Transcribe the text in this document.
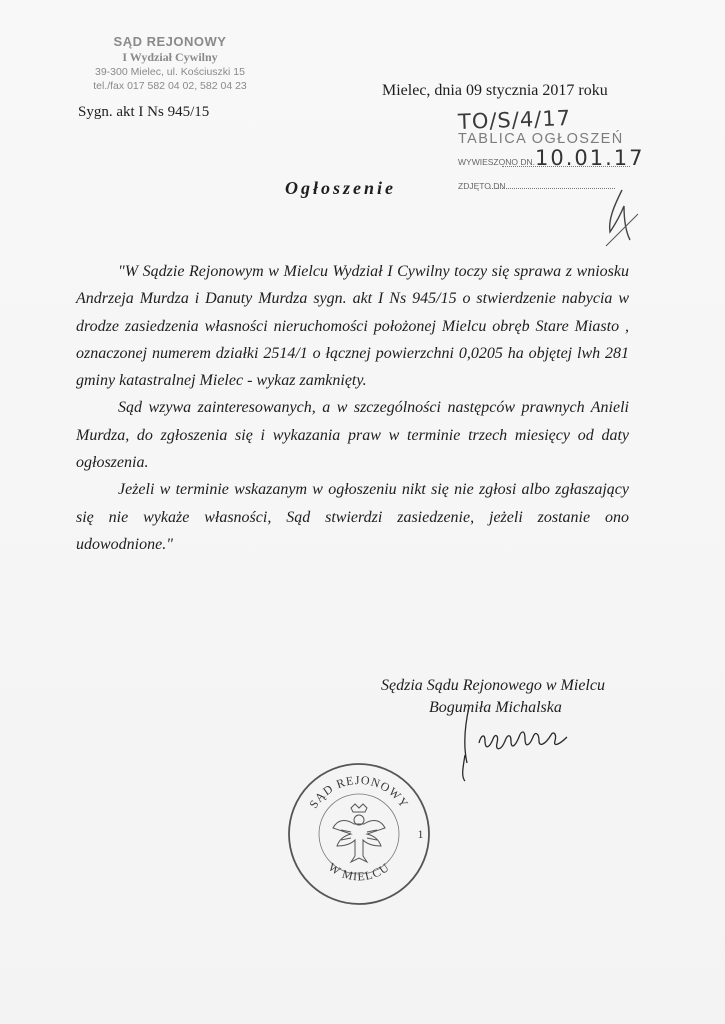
SĄD REJONOWY
I Wydział Cywilny
39-300 Mielec, ul. Kościuszki 15
tel./fax 017 582 04 02, 582 04 23
Sygn. akt I Ns 945/15
Mielec, dnia 09 stycznia 2017 roku
TO/S/4/17
TABLICA OGŁOSZEŃ
WYWIESZONO DN. 10.01.17
ZDJĘTO DN.
Ogłoszenie

"W Sądzie Rejonowym w Mielcu Wydział I Cywilny toczy się sprawa z wniosku Andrzeja Murdza i Danuty Murdza sygn. akt I Ns 945/15 o stwierdzenie nabycia w drodze zasiedzenia własności nieruchomości położonej Mielcu obręb Stare Miasto , oznaczonej numerem działki 2514/1 o łącznej powierzchni 0,0205 ha objętej lwh 281 gminy katastralnej Mielec - wykaz zamknięty.

Sąd wzywa zainteresowanych, a w szczególności następców prawnych Anieli Murdza, do zgłoszenia się i wykazania praw w terminie trzech miesięcy od daty ogłoszenia.

Jeżeli w terminie wskazanym w ogłoszeniu nikt się nie zgłosi albo zgłaszający się nie wykaże własności, Sąd stwierdzi zasiedzenie, jeżeli zostanie ono udowodnione."

Sędzia Sądu Rejonowego w Mielcu
Bogumiła Michalska
SĄD REJONOWY
W MIELCU
1
